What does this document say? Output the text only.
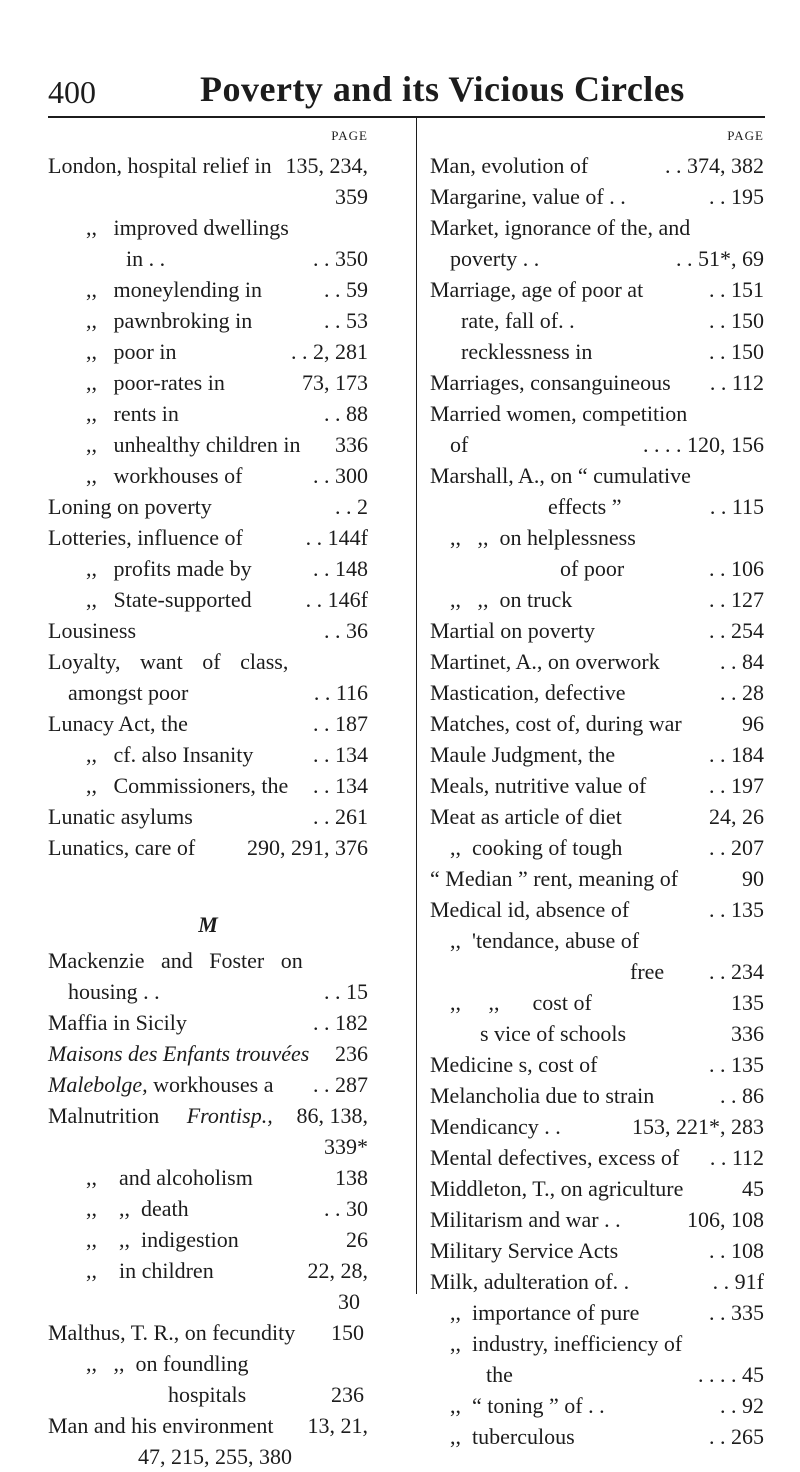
400	Poverty and its Vicious Circles
PAGE
London, hospital relief in 135, 234,
359
,, improved dwellings
in . .	. . 350
,, moneylending in	. . 59
,, pawnbroking in	. . 53
,, poor in	. . 2, 281
,, poor-rates in	73, 173
,, rents in	. . 88
,, unhealthy children in 336
,, workhouses of	. . 300
Loning on poverty	. . 2
Lotteries, influence of	. . 144f
,, profits made by	. . 148
,, State-supported . . 146f
Lousiness	. . 36
Loyalty, want of class,
amongst poor	. . 116
Lunacy Act, the	. . 187
,, cf. also Insanity	. . 134
,, Commissioners, the . . 134
Lunatic asylums	. . 261
Lunatics, care of 290, 291, 376
M
Mackenzie and Foster on
housing . .	. . 15
Maffia in Sicily	. . 182
Maisons des Enfants trouvées 236
Malebolge, workhouses a . . 287
Malnutrition Frontisp., 86, 138,
339*
,, and alcoholism	138
,, ,, death	. . 30
,, ,, indigestion	26
,, in children	22, 28,
30
Malthus, T. R., on fecundity 150
,, ,, on foundling
hospitals	236
Man and his environment 13, 21,
47, 215, 255, 380
PAGE
Man, evolution of	. . 374, 382
Margarine, value of . .	. . 195
Market, ignorance of the, and
poverty . .	. . 51*, 69
Marriage, age of poor at	. . 151
rate, fall of. .	. . 150
recklessness in	. . 150
Marriages, consanguineous . . 112
Married women, competition
of	. . . . 120, 156
Marshall, A., on “ cumulative
effects ”	. . 115
,, ,, on helplessness
of poor	. . 106
,, ,, on truck	. . 127
Martial on poverty	. . 254
Martinet, A., on overwork	. . 84
Mastication, defective	. . 28
Matches, cost of, during war	96
Maule Judgment, the	. . 184
Meals, nutritive value of	. . 197
Meat as article of diet	24, 26
,, cooking of tough	. . 207
“ Median ” rent, meaning of	90
Medical id, absence of	. . 135
,, 'tendance, abuse of
free . . 234
,, ,, cost of	135
s vice of schools	336
Medicine s, cost of	. . 135
Melancholia due to strain	. . 86
Mendicancy . .	153, 221*, 283
Mental defectives, excess of . . 112
Middleton, T., on agriculture	45
Militarism and war . .	106, 108
Military Service Acts	. . 108
Milk, adulteration of. .	. . 91f
,, importance of pure	. . 335
,, industry, inefficiency of
the	. . . . 45
,, “ toning ” of . .	. . 92
,, tuberculous	. . 265
